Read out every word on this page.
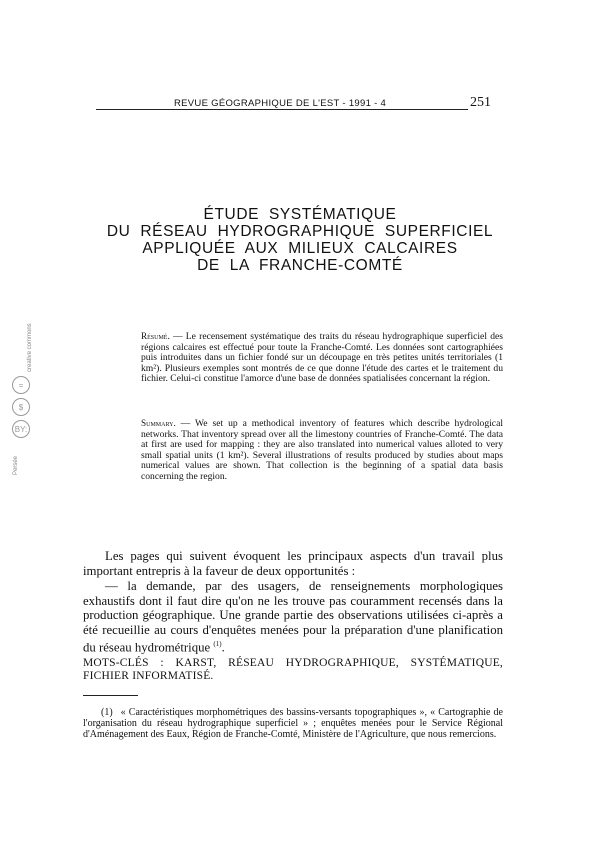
REVUE GÉOGRAPHIQUE DE L'EST - 1991 - 4	251
ÉTUDE SYSTÉMATIQUE
DU RÉSEAU HYDROGRAPHIQUE SUPERFICIEL
APPLIQUÉE AUX MILIEUX CALCAIRES
DE LA FRANCHE-COMTÉ
Persée
BY:
$
=
creative commons	Résumé. — Le recensement systématique des traits du réseau hydrographique superficiel des régions calcaires est effectué pour toute la Franche-Comté. Les données sont cartographiées puis introduites dans un fichier fondé sur un découpage en très petites unités territoriales (1 km²). Plusieurs exemples sont montrés de ce que donne l'étude des cartes et le traitement du fichier. Celui-ci constitue l'amorce d'une base de données spatialisées concernant la région.
Summary. — We set up a methodical inventory of features which describe hydrological networks. That inventory spread over all the limestony countries of Franche-Comté. The data at first are used for mapping : they are also translated into numerical values alloted to very small spatial units (1 km²). Several illustrations of results produced by studies about maps numerical values are shown. That collection is the beginning of a spatial data basis concerning the region.
Les pages qui suivent évoquent les principaux aspects d'un travail plus important entrepris à la faveur de deux opportunités :
— la demande, par des usagers, de renseignements morphologiques exhaustifs dont il faut dire qu'on ne les trouve pas couramment recensés dans la production géographique. Une grande partie des observations utilisées ci-après a été recueillie au cours d'enquêtes menées pour la préparation d'une planification du réseau hydrométrique $^{(1)}$.
MOTS-CLÉS : KARST, RÉSEAU HYDROGRAPHIQUE, SYSTÉMATIQUE, FICHIER INFORMATISÉ.
(1) « Caractéristiques morphométriques des bassins-versants topographiques », « Cartographie de l'organisation du réseau hydrographique superficiel » ; enquêtes menées pour le Service Régional d'Aménagement des Eaux, Région de Franche-Comté, Ministère de l'Agriculture, que nous remercions.
